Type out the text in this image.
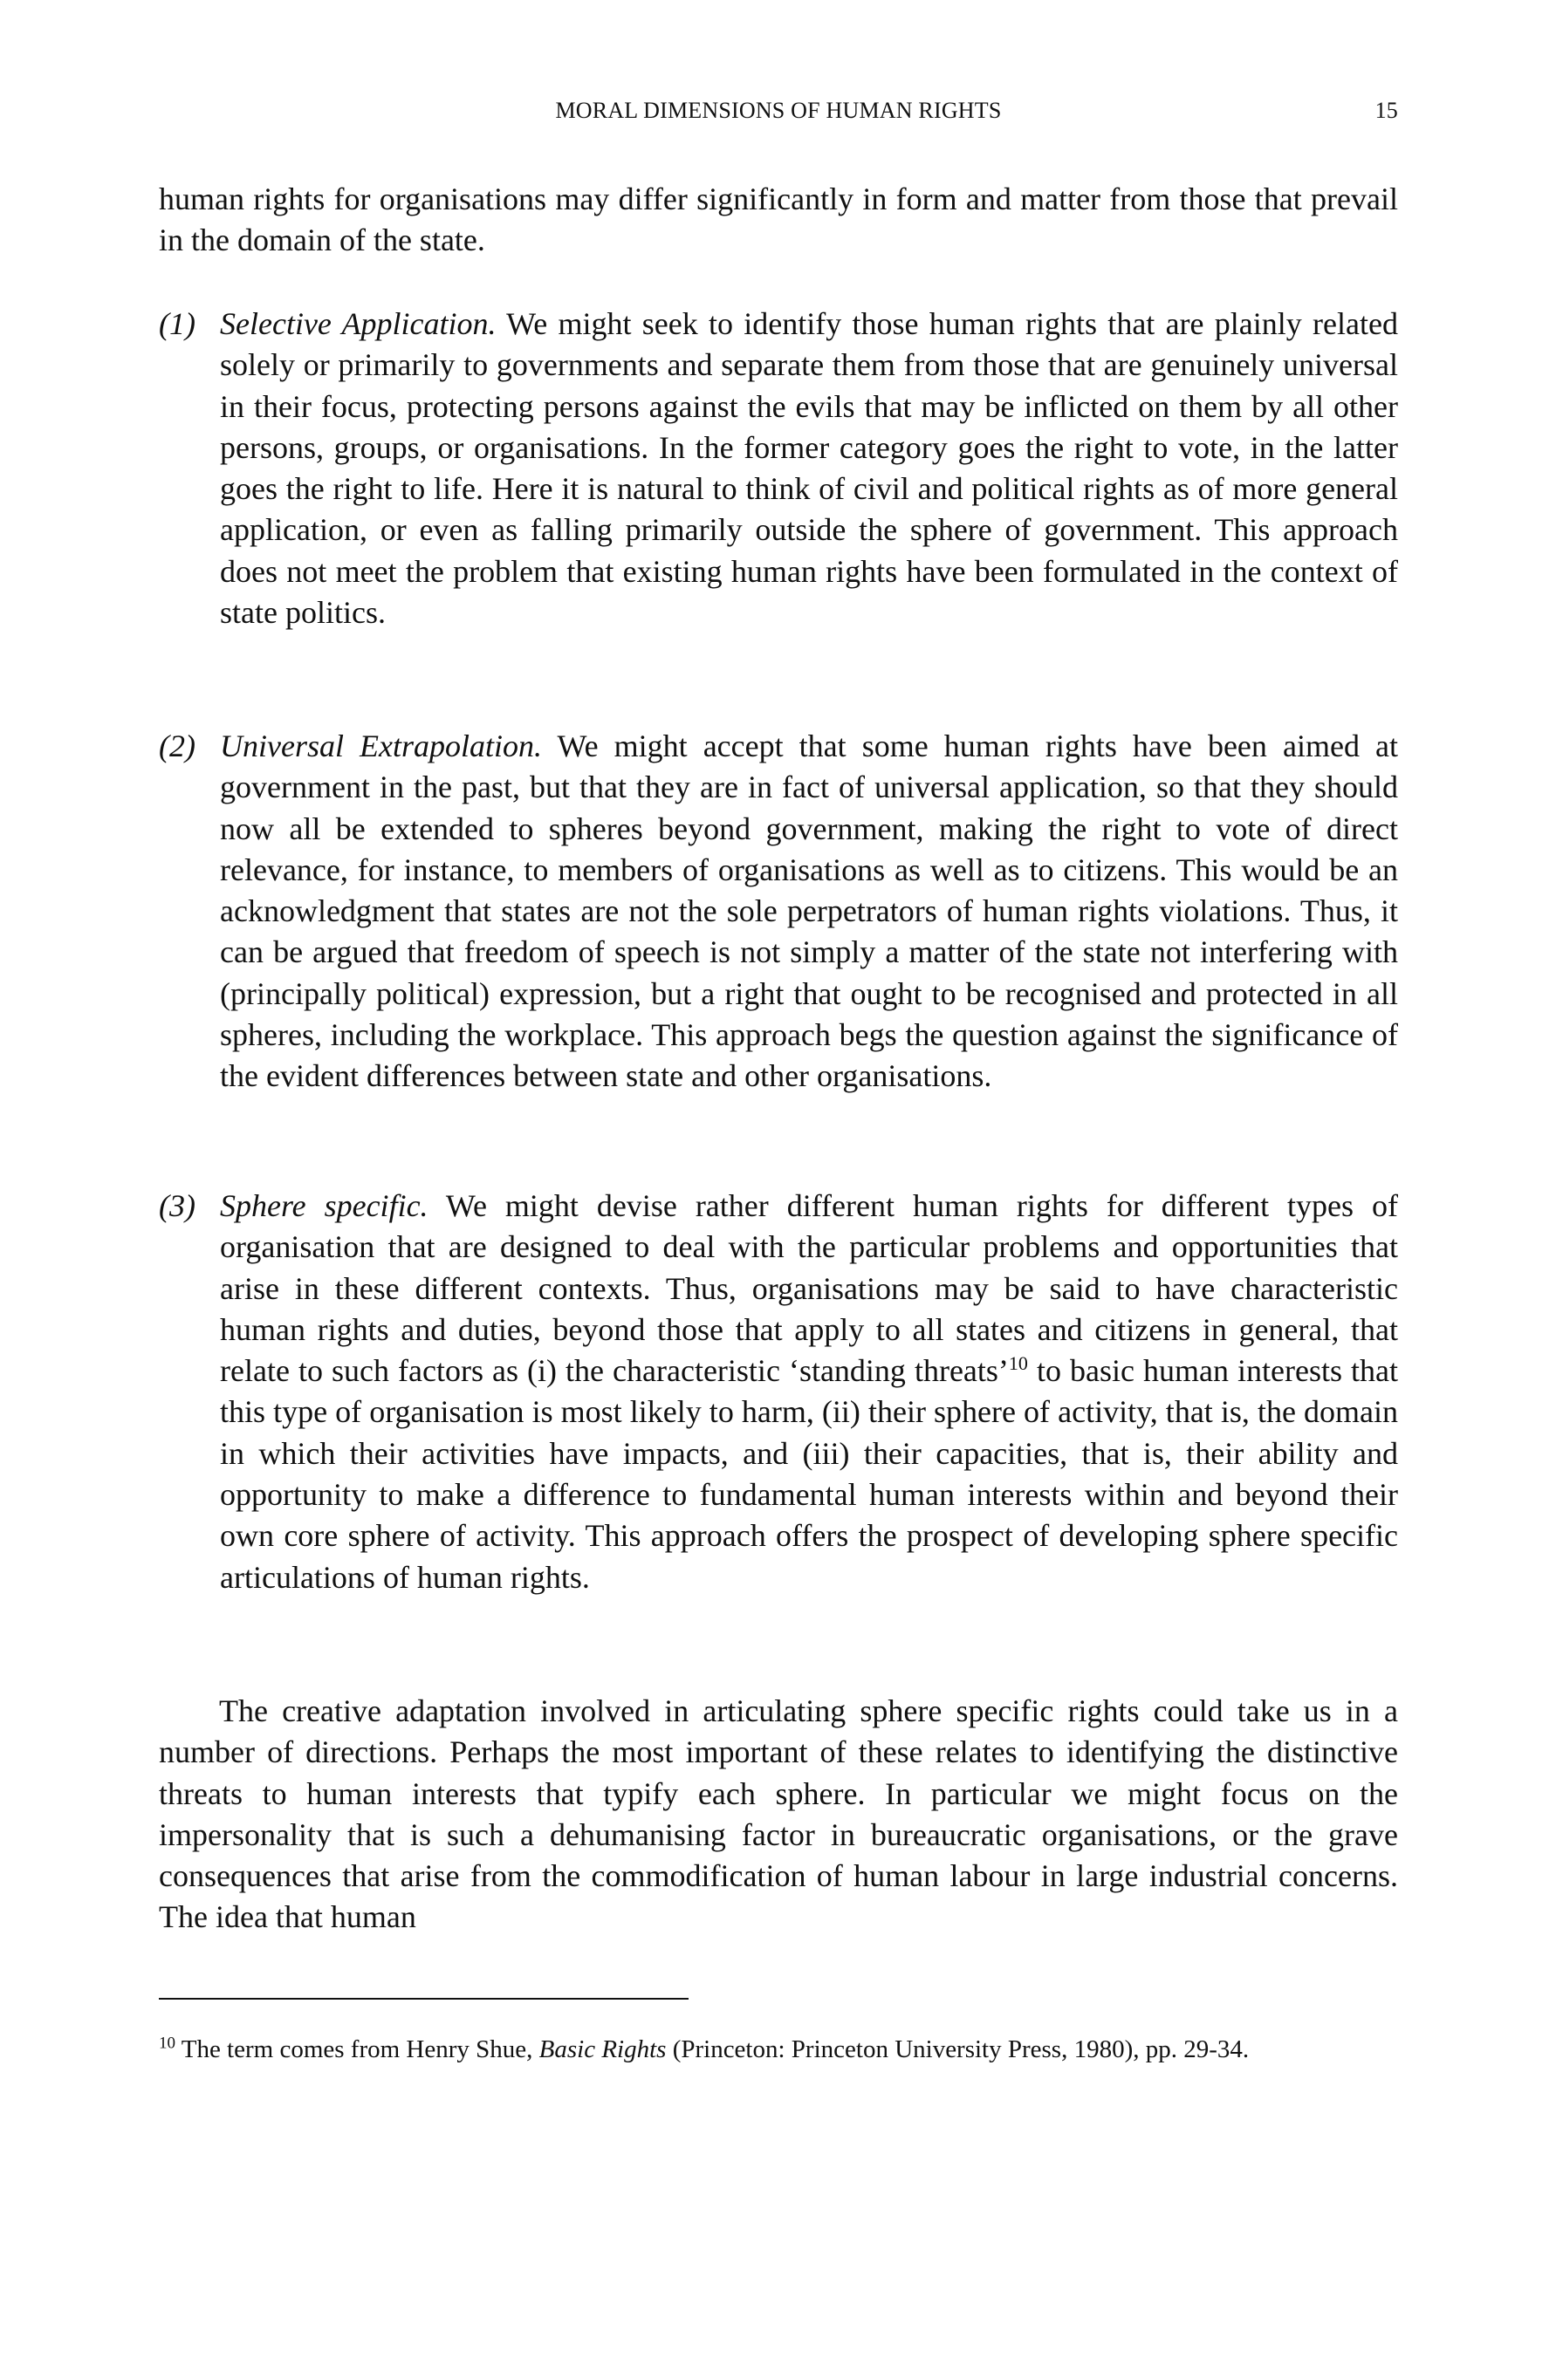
MORAL DIMENSIONS OF HUMAN RIGHTS	15

human rights for organisations may differ significantly in form and matter from those that prevail in the domain of the state.

(1) Selective Application. We might seek to identify those human rights that are plainly related solely or primarily to governments and separate them from those that are genuinely universal in their focus, protecting persons against the evils that may be inflicted on them by all other persons, groups, or organisations. In the former category goes the right to vote, in the latter goes the right to life. Here it is natural to think of civil and political rights as of more general application, or even as falling primarily outside the sphere of government. This approach does not meet the problem that existing human rights have been formulated in the context of state politics.
(2) Universal Extrapolation. We might accept that some human rights have been aimed at government in the past, but that they are in fact of universal application, so that they should now all be extended to spheres beyond government, making the right to vote of direct relevance, for instance, to members of organisations as well as to citizens. This would be an acknowledgment that states are not the sole perpetrators of human rights violations. Thus, it can be argued that freedom of speech is not simply a matter of the state not interfering with (principally political) expression, but a right that ought to be recognised and protected in all spheres, including the workplace. This approach begs the question against the significance of the evident differences between state and other organisations.
(3) Sphere specific. We might devise rather different human rights for different types of organisation that are designed to deal with the particular problems and opportunities that arise in these different contexts. Thus, organisations may be said to have characteristic human rights and duties, beyond those that apply to all states and citizens in general, that relate to such factors as (i) the characteristic ‘standing threats’$^{10}$ to basic human interests that this type of organisation is most likely to harm, (ii) their sphere of activity, that is, the domain in which their activities have impacts, and (iii) their capacities, that is, their ability and opportunity to make a difference to fundamental human interests within and beyond their own core sphere of activity. This approach offers the prospect of developing sphere specific articulations of human rights.

The creative adaptation involved in articulating sphere specific rights could take us in a number of directions. Perhaps the most important of these relates to identifying the distinctive threats to human interests that typify each sphere. In particular we might focus on the impersonality that is such a dehumanising factor in bureaucratic organisations, or the grave consequences that arise from the commodification of human labour in large industrial concerns. The idea that human

$^{10}$ The term comes from Henry Shue, Basic Rights (Princeton: Princeton University Press, 1980), pp. 29-34.
